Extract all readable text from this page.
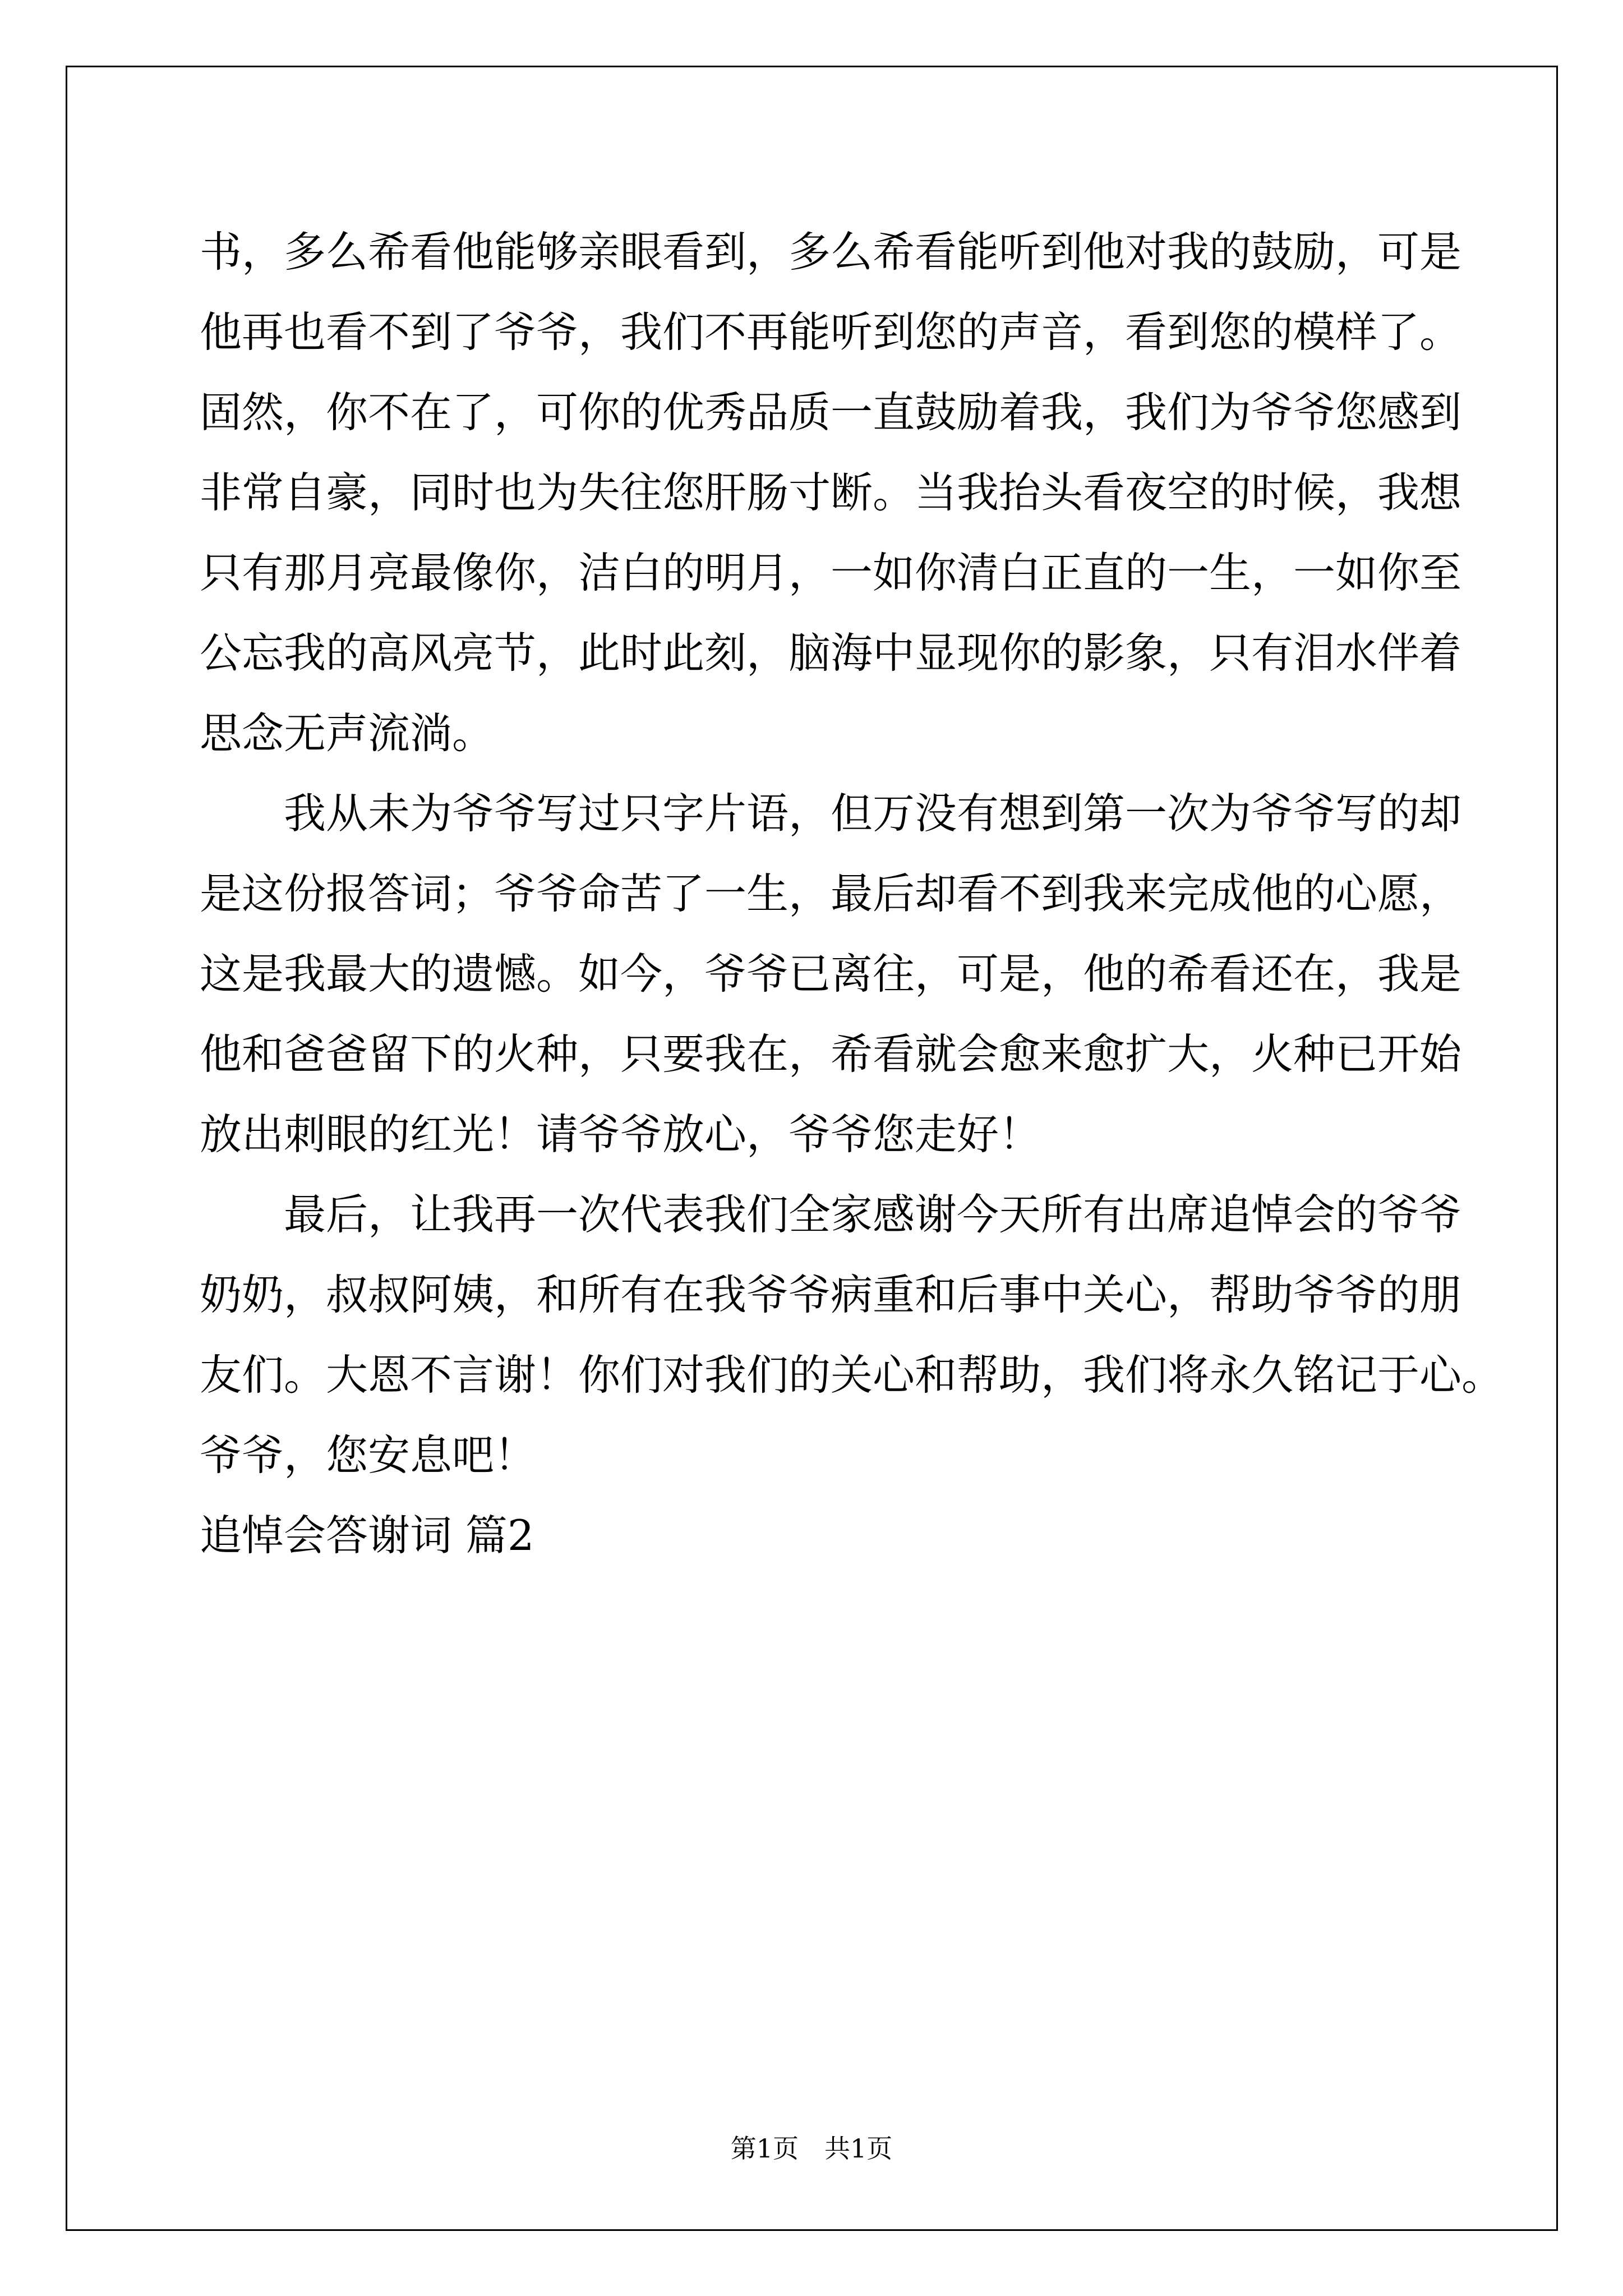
书，多么希看他能够亲眼看到，多么希看能听到他对我的鼓励，可是
他再也看不到了爷爷，我们不再能听到您的声音，看到您的模样了。
固然，你不在了，可你的优秀品质一直鼓励着我，我们为爷爷您感到
非常自豪，同时也为失往您肝肠寸断。当我抬头看夜空的时候，我想
只有那月亮最像你，洁白的明月，一如你清白正直的一生，一如你至
公忘我的高风亮节，此时此刻，脑海中显现你的影象，只有泪水伴着
思念无声流淌。
我从未为爷爷写过只字片语，但万没有想到第一次为爷爷写的却
是这份报答词；爷爷命苦了一生，最后却看不到我来完成他的心愿，
这是我最大的遗憾。如今，爷爷已离往，可是，他的希看还在，我是
他和爸爸留下的火种，只要我在，希看就会愈来愈扩大，火种已开始
放出刺眼的红光！请爷爷放心，爷爷您走好！
最后，让我再一次代表我们全家感谢今天所有出席追悼会的爷爷
奶奶，叔叔阿姨，和所有在我爷爷病重和后事中关心，帮助爷爷的朋
友们。大恩不言谢！你们对我们的关心和帮助，我们将永久铭记于心。
爷爷，您安息吧！
追悼会答谢词 篇2
第1页 共1页
